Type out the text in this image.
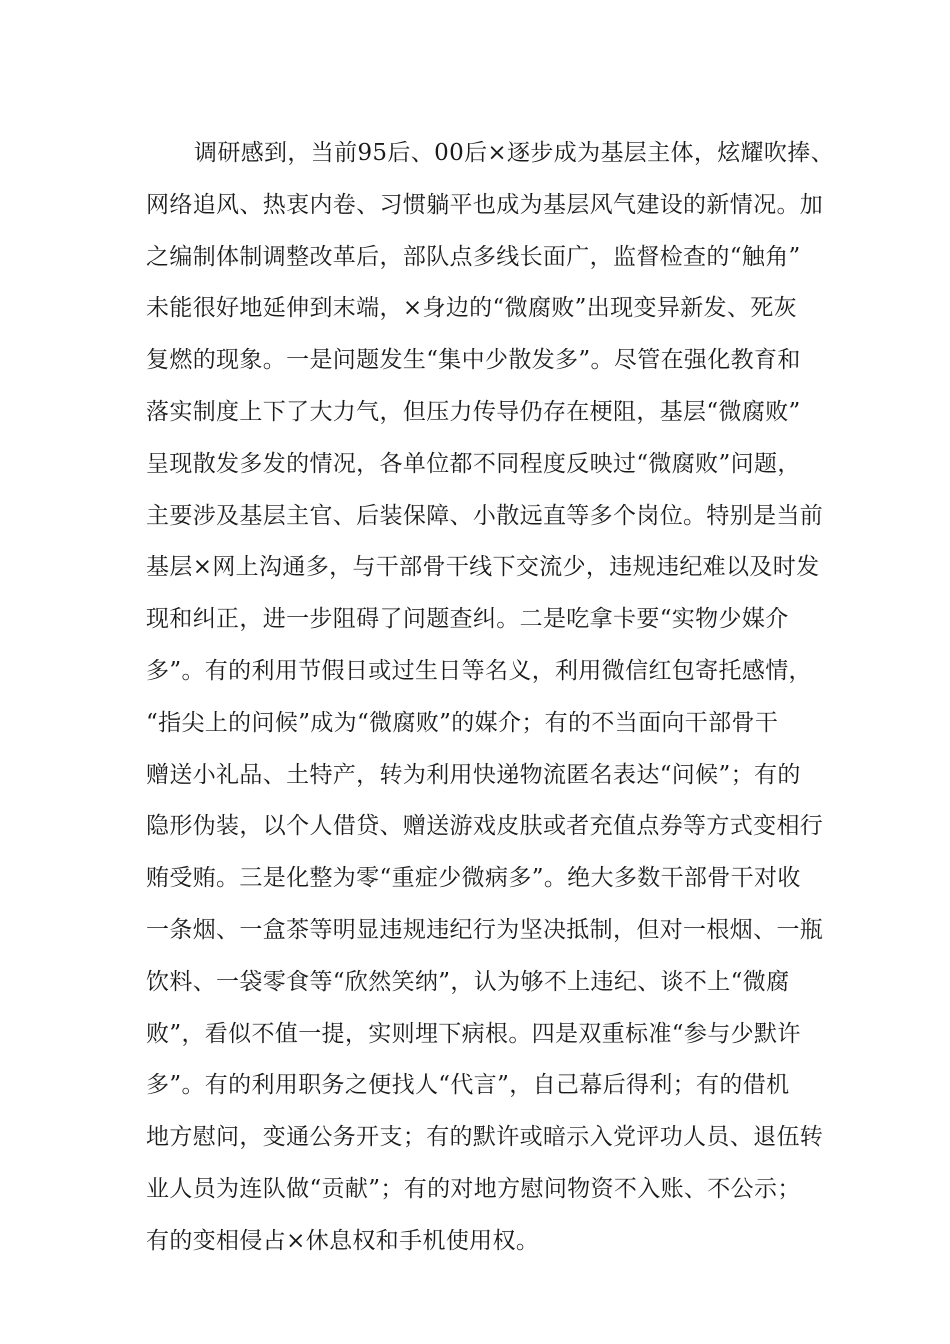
调研感到，当前95后、00后×逐步成为基层主体，炫耀吹捧、
网络追风、热衷内卷、习惯躺平也成为基层风气建设的新情况。加
之编制体制调整改革后，部队点多线长面广，监督检查的“触角”
未能很好地延伸到末端，×身边的“微腐败”出现变异新发、死灰
复燃的现象。一是问题发生“集中少散发多”。尽管在强化教育和
落实制度上下了大力气，但压力传导仍存在梗阻，基层“微腐败”
呈现散发多发的情况，各单位都不同程度反映过“微腐败”问题，
主要涉及基层主官、后装保障、小散远直等多个岗位。特别是当前
基层×网上沟通多，与干部骨干线下交流少，违规违纪难以及时发
现和纠正，进一步阻碍了问题查纠。二是吃拿卡要“实物少媒介
多”。有的利用节假日或过生日等名义，利用微信红包寄托感情，
“指尖上的问候”成为“微腐败”的媒介；有的不当面向干部骨干
赠送小礼品、土特产，转为利用快递物流匿名表达“问候”；有的
隐形伪装，以个人借贷、赠送游戏皮肤或者充值点券等方式变相行
贿受贿。三是化整为零“重症少微病多”。绝大多数干部骨干对收
一条烟、一盒茶等明显违规违纪行为坚决抵制，但对一根烟、一瓶
饮料、一袋零食等“欣然笑纳”，认为够不上违纪、谈不上“微腐
败”，看似不值一提，实则埋下病根。四是双重标准“参与少默许
多”。有的利用职务之便找人“代言”，自己幕后得利；有的借机
地方慰问，变通公务开支；有的默许或暗示入党评功人员、退伍转
业人员为连队做“贡献”；有的对地方慰问物资不入账、不公示；
有的变相侵占×休息权和手机使用权。
